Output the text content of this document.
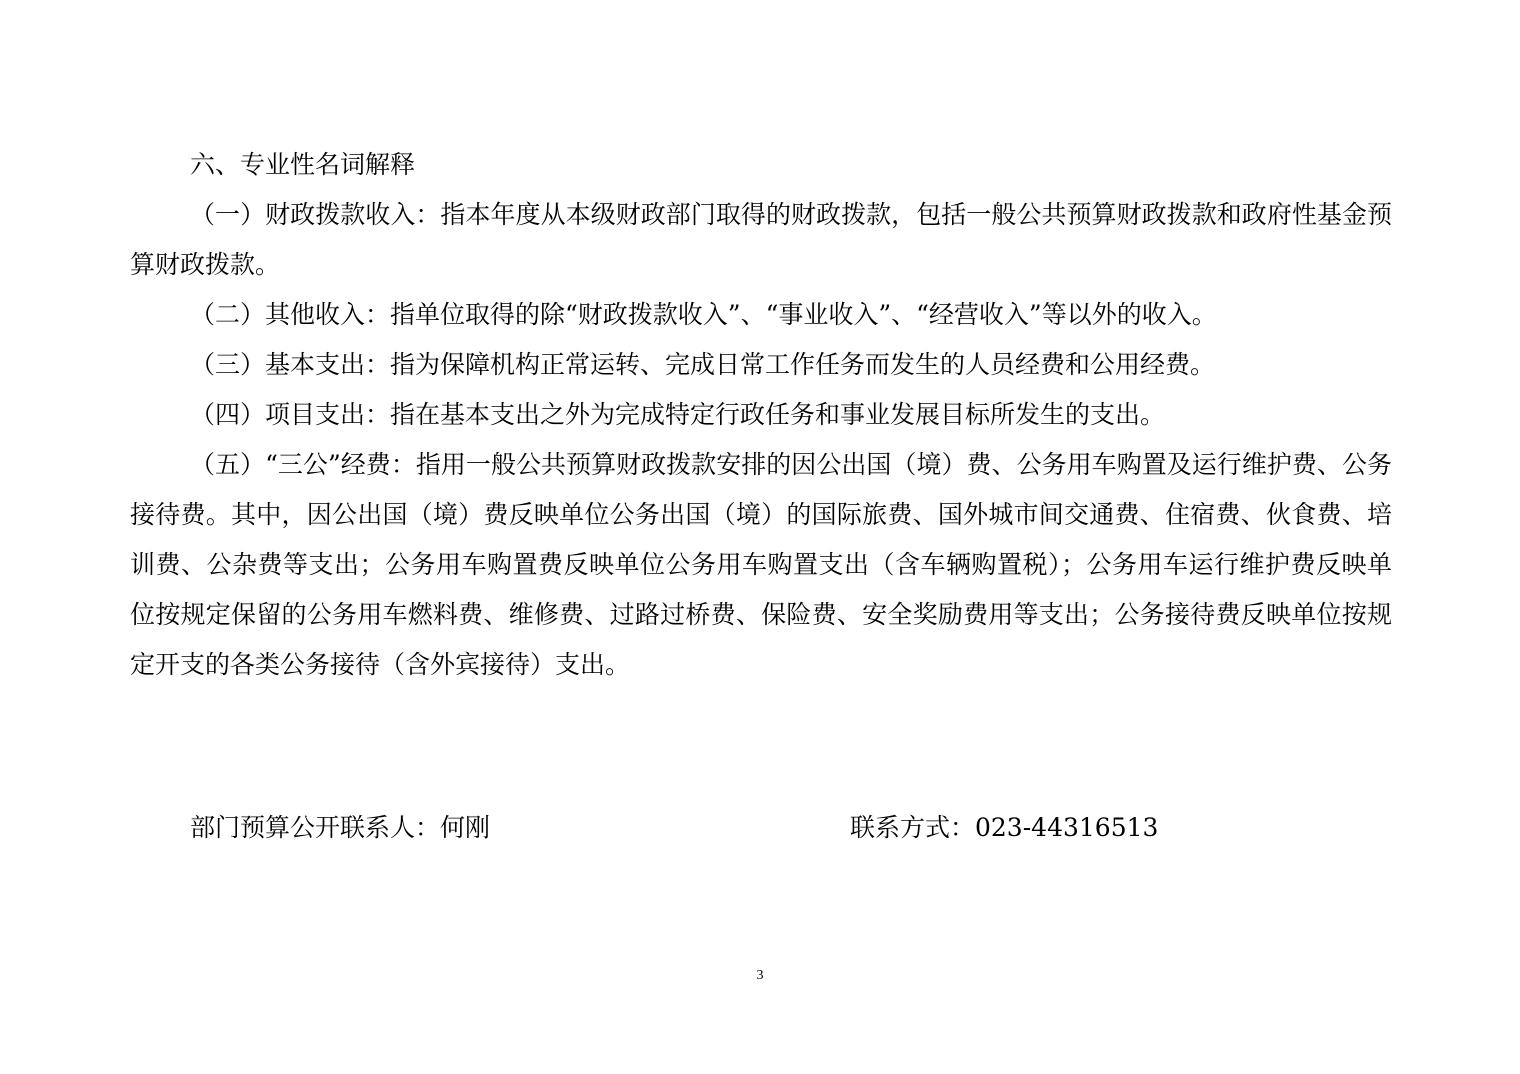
六、专业性名词解释

（一）财政拨款收入：指本年度从本级财政部门取得的财政拨款，包括一般公共预算财政拨款和政府性基金预算财政拨款。

（二）其他收入：指单位取得的除“财政拨款收入”、“事业收入”、“经营收入”等以外的收入。

（三）基本支出：指为保障机构正常运转、完成日常工作任务而发生的人员经费和公用经费。

（四）项目支出：指在基本支出之外为完成特定行政任务和事业发展目标所发生的支出。

（五）“三公”经费：指用一般公共预算财政拨款安排的因公出国（境）费、公务用车购置及运行维护费、公务接待费。其中，因公出国（境）费反映单位公务出国（境）的国际旅费、国外城市间交通费、住宿费、伙食费、培训费、公杂费等支出；公务用车购置费反映单位公务用车购置支出（含车辆购置税）；公务用车运行维护费反映单位按规定保留的公务用车燃料费、维修费、过路过桥费、保险费、安全奖励费用等支出；公务接待费反映单位按规定开支的各类公务接待（含外宾接待）支出。

部门预算公开联系人：何刚	联系方式：023-44316513
3
